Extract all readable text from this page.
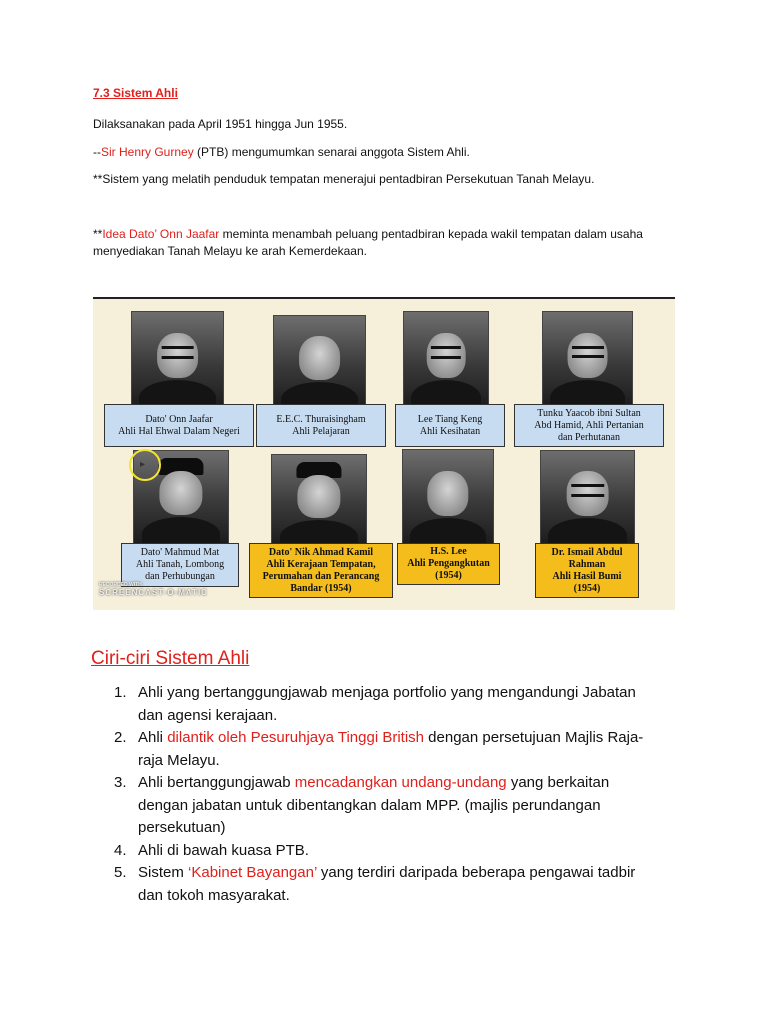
7.3 Sistem Ahli

Dilaksanakan pada April 1951 hingga Jun 1955.

--Sir Henry Gurney (PTB) mengumumkan senarai anggota Sistem Ahli.

**Sistem yang melatih penduduk tempatan menerajui pentadbiran Persekutuan Tanah Melayu.

**Idea Dato’ Onn Jaafar meminta menambah peluang pentadbiran kepada wakil tempatan dalam usaha menyediakan Tanah Melayu ke arah Kemerdekaan.

Dato' Onn Jaafar
Ahli Hal Ehwal Dalam Negeri
E.E.C. Thuraisingham
Ahli Pelajaran
Lee Tiang Keng
Ahli Kesihatan
Tunku Yaacob ibni Sultan
Abd Hamid, Ahli Pertanian
dan Perhutanan
Dato' Mahmud Mat
Ahli Tanah, Lombong
dan Perhubungan
Dato' Nik Ahmad Kamil
Ahli Kerajaan Tempatan,
Perumahan dan Perancang
Bandar (1954)
H.S. Lee
Ahli Pengangkutan
(1954)
Dr. Ismail Abdul
Rahman
Ahli Hasil Bumi
(1954)
▸
RECORDED WITH
SCREENCAST-O-MATIC
Ciri-ciri Sistem Ahli
1. Ahli yang bertanggungjawab menjaga portfolio yang mengandungi Jabatan dan agensi kerajaan.
2. Ahli dilantik oleh Pesuruhjaya Tinggi British dengan persetujuan Majlis Raja-raja Melayu.
3. Ahli bertanggungjawab mencadangkan undang-undang yang berkaitan dengan jabatan untuk dibentangkan dalam MPP. (majlis perundangan persekutuan)
4. Ahli di bawah kuasa PTB.
5. Sistem ‘Kabinet Bayangan’ yang terdiri daripada beberapa pengawai tadbir dan tokoh masyarakat.
